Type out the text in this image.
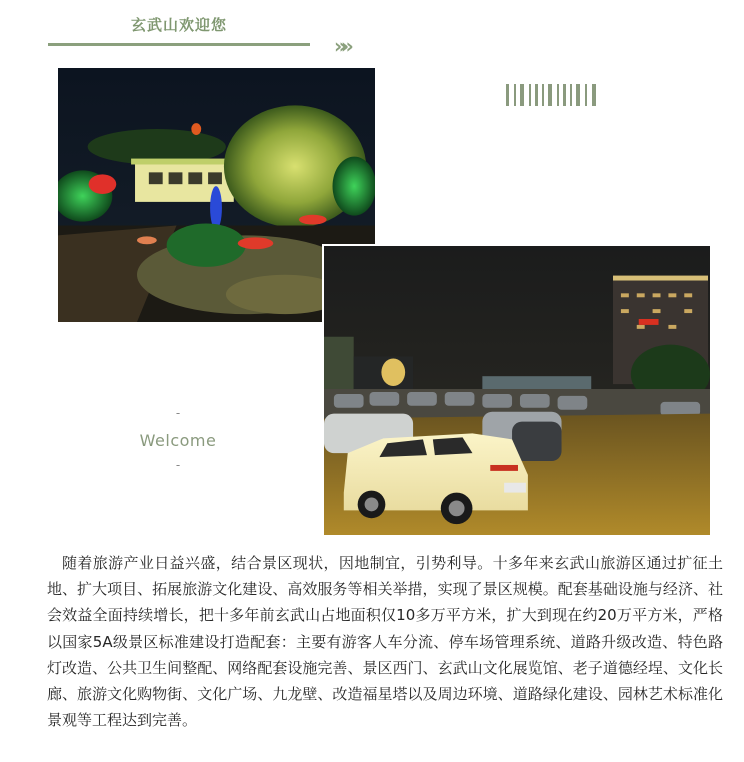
玄武山欢迎您
»»
-
Welcome
-

随着旅游产业日益兴盛，结合景区现状，因地制宜，引势利导。十多年来玄武山旅游区通过扩征土地、扩大项目、拓展旅游文化建设、高效服务等相关举措，实现了景区规模。配套基础设施与经济、社会效益全面持续增长，把十多年前玄武山占地面积仅10多万平方米，扩大到现在约20万平方米，严格以国家5A级景区标准建设打造配套：主要有游客人车分流、停车场管理系统、道路升级改造、特色路灯改造、公共卫生间整配、网络配套设施完善、景区西门、玄武山文化展览馆、老子道德经埕、文化长廊、旅游文化购物街、文化广场、九龙壁、改造福星塔以及周边环境、道路绿化建设、园林艺术标准化景观等工程达到完善。
